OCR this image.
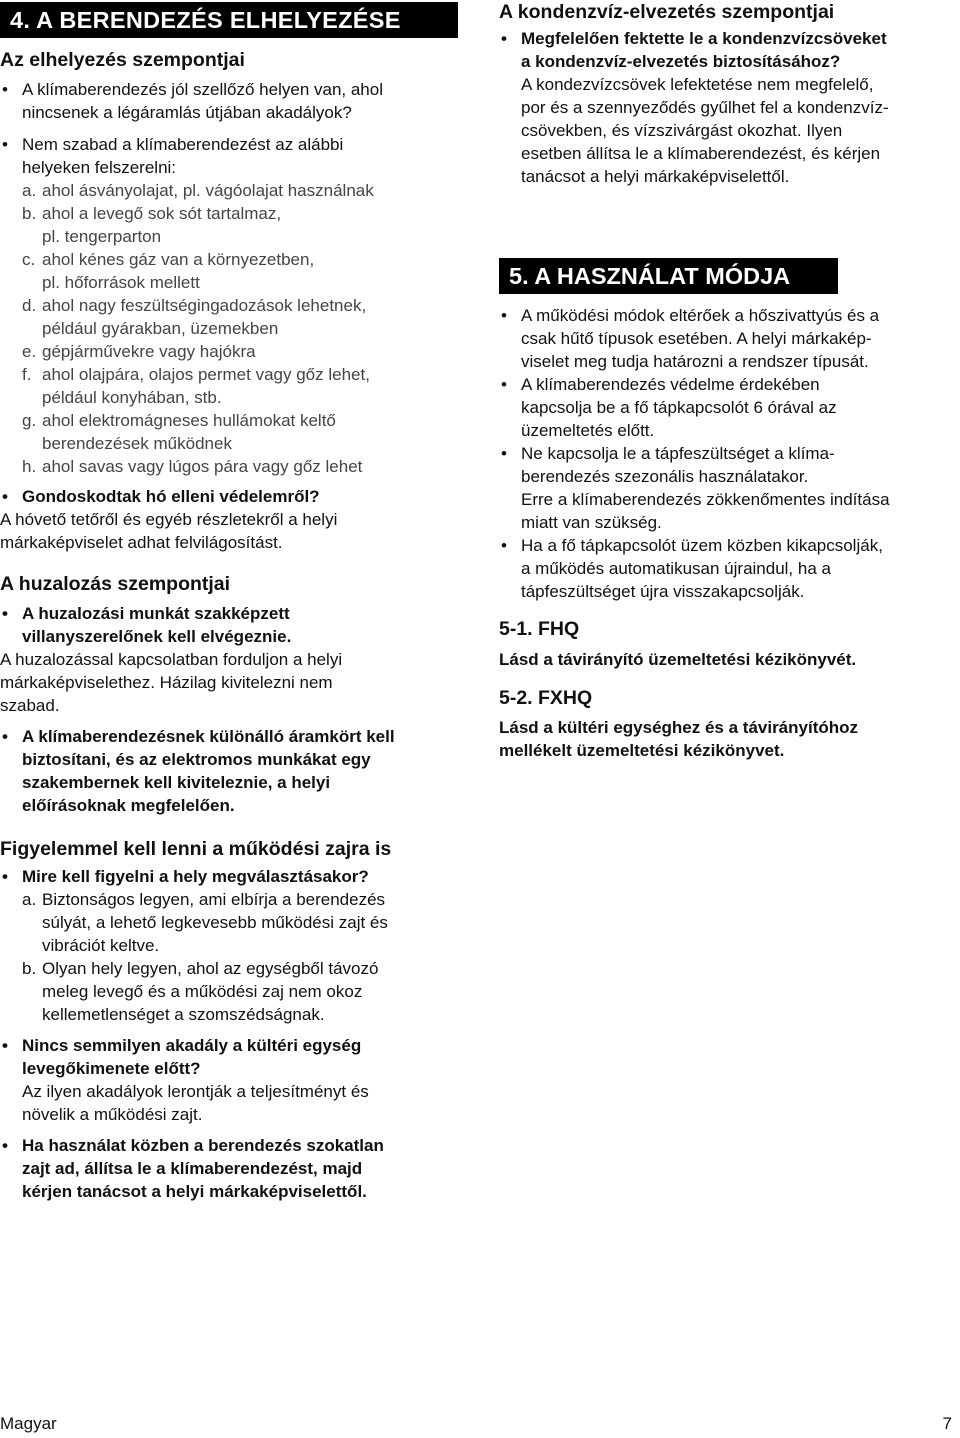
4. A BERENDEZÉS ELHELYEZÉSE
Az elhelyezés szempontjai
• A klímaberendezés jól szellőző helyen van, ahol
nincsenek a légáramlás útjában akadályok?
• Nem szabad a klímaberendezést az alábbi
helyeken felszerelni:
a. ahol ásványolajat, pl. vágóolajat használnak
b. ahol a levegő sok sót tartalmaz,
pl. tengerparton
c. ahol kénes gáz van a környezetben,
pl. hőforrások mellett
d. ahol nagy feszültségingadozások lehetnek,
például gyárakban, üzemekben
e. gépjárművekre vagy hajókra
f. ahol olajpára, olajos permet vagy gőz lehet,
például konyhában, stb.
g. ahol elektromágneses hullámokat keltő
berendezések működnek
h. ahol savas vagy lúgos pára vagy gőz lehet
• Gondoskodtak hó elleni védelemről?
A hóvető tetőről és egyéb részletekről a helyi
márkaképviselet adhat felvilágosítást.
A huzalozás szempontjai
• A huzalozási munkát szakképzett
villanyszerelőnek kell elvégeznie.
A huzalozással kapcsolatban forduljon a helyi
márkaképviselethez. Házilag kivitelezni nem
szabad.
• A klímaberendezésnek különálló áramkört kell
biztosítani, és az elektromos munkákat egy
szakembernek kell kiviteleznie, a helyi
előírásoknak megfelelően.
Figyelemmel kell lenni a működési zajra is
• Mire kell figyelni a hely megválasztásakor?
a. Biztonságos legyen, ami elbírja a berendezés
súlyát, a lehető legkevesebb működési zajt és
vibrációt keltve.
b. Olyan hely legyen, ahol az egységből távozó
meleg levegő és a működési zaj nem okoz
kellemetlenséget a szomszédságnak.
• Nincs semmilyen akadály a kültéri egység
levegőkimenete előtt?
Az ilyen akadályok lerontják a teljesítményt és
növelik a működési zajt.
• Ha használat közben a berendezés szokatlan
zajt ad, állítsa le a klímaberendezést, majd
kérjen tanácsot a helyi márkaképviselettől.
A kondenzvíz-elvezetés szempontjai
• Megfelelően fektette le a kondenzvízcsöveket
a kondenzvíz-elvezetés biztosításához?
A kondezvízcsövek lefektetése nem megfelelő,
por és a szennyeződés gyűlhet fel a kondenzvíz-
csövekben, és vízszivárgást okozhat. Ilyen
esetben állítsa le a klímaberendezést, és kérjen
tanácsot a helyi márkaképviselettől.
5. A HASZNÁLAT MÓDJA
• A működési módok eltérőek a hőszivattyús és a
csak hűtő típusok esetében. A helyi márkakép-
viselet meg tudja határozni a rendszer típusát.
• A klímaberendezés védelme érdekében
kapcsolja be a fő tápkapcsolót 6 órával az
üzemeltetés előtt.
• Ne kapcsolja le a tápfeszültséget a klíma-
berendezés szezonális használatakor.
Erre a klímaberendezés zökkenőmentes indítása
miatt van szükség.
• Ha a fő tápkapcsolót üzem közben kikapcsolják,
a működés automatikusan újraindul, ha a
tápfeszültséget újra visszakapcsolják.
5-1. FHQ
Lásd a távirányító üzemeltetési kézikönyvét.
5-2. FXHQ
Lásd a kültéri egységhez és a távirányítóhoz
mellékelt üzemeltetési kézikönyvet.
Magyar	7
